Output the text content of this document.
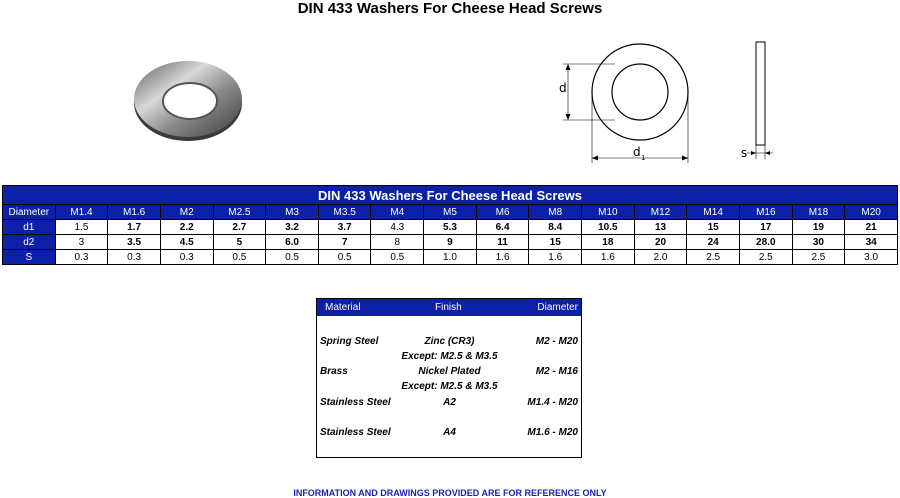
DIN 433 Washers For Cheese Head Screws
d
d 1	s
DIN 433 Washers For Cheese Head Screws																
Diameter	M1.4	M1.6	M2	M2.5	M3	M3.5	M4	M5	M6	M8	M10	M12	M14	M16	M18	M20
d1	1.5	1.7	2.2	2.7	3.2	3.7	4.3	5.3	6.4	8.4	10.5	13	15	17	19	21
d2	3	3.5	4.5	5	6.0	7	8	9	11	15	18	20	24	28.0	30	34
S	0.3	0.3	0.3	0.5	0.5	0.5	0.5	1.0	1.6	1.6	1.6	2.0	2.5	2.5	2.5	3.0
Material	Finish	Diameter
Spring Steel	Zinc (CR3)	M2 - M20
Except: M2.5 & M3.5
Brass	Nickel Plated	M2 - M16
Except: M2.5 & M3.5
Stainless Steel	A2	M1.4 - M20
Stainless Steel	A4	M1.6 - M20
INFORMATION AND DRAWINGS PROVIDED ARE FOR REFERENCE ONLY
